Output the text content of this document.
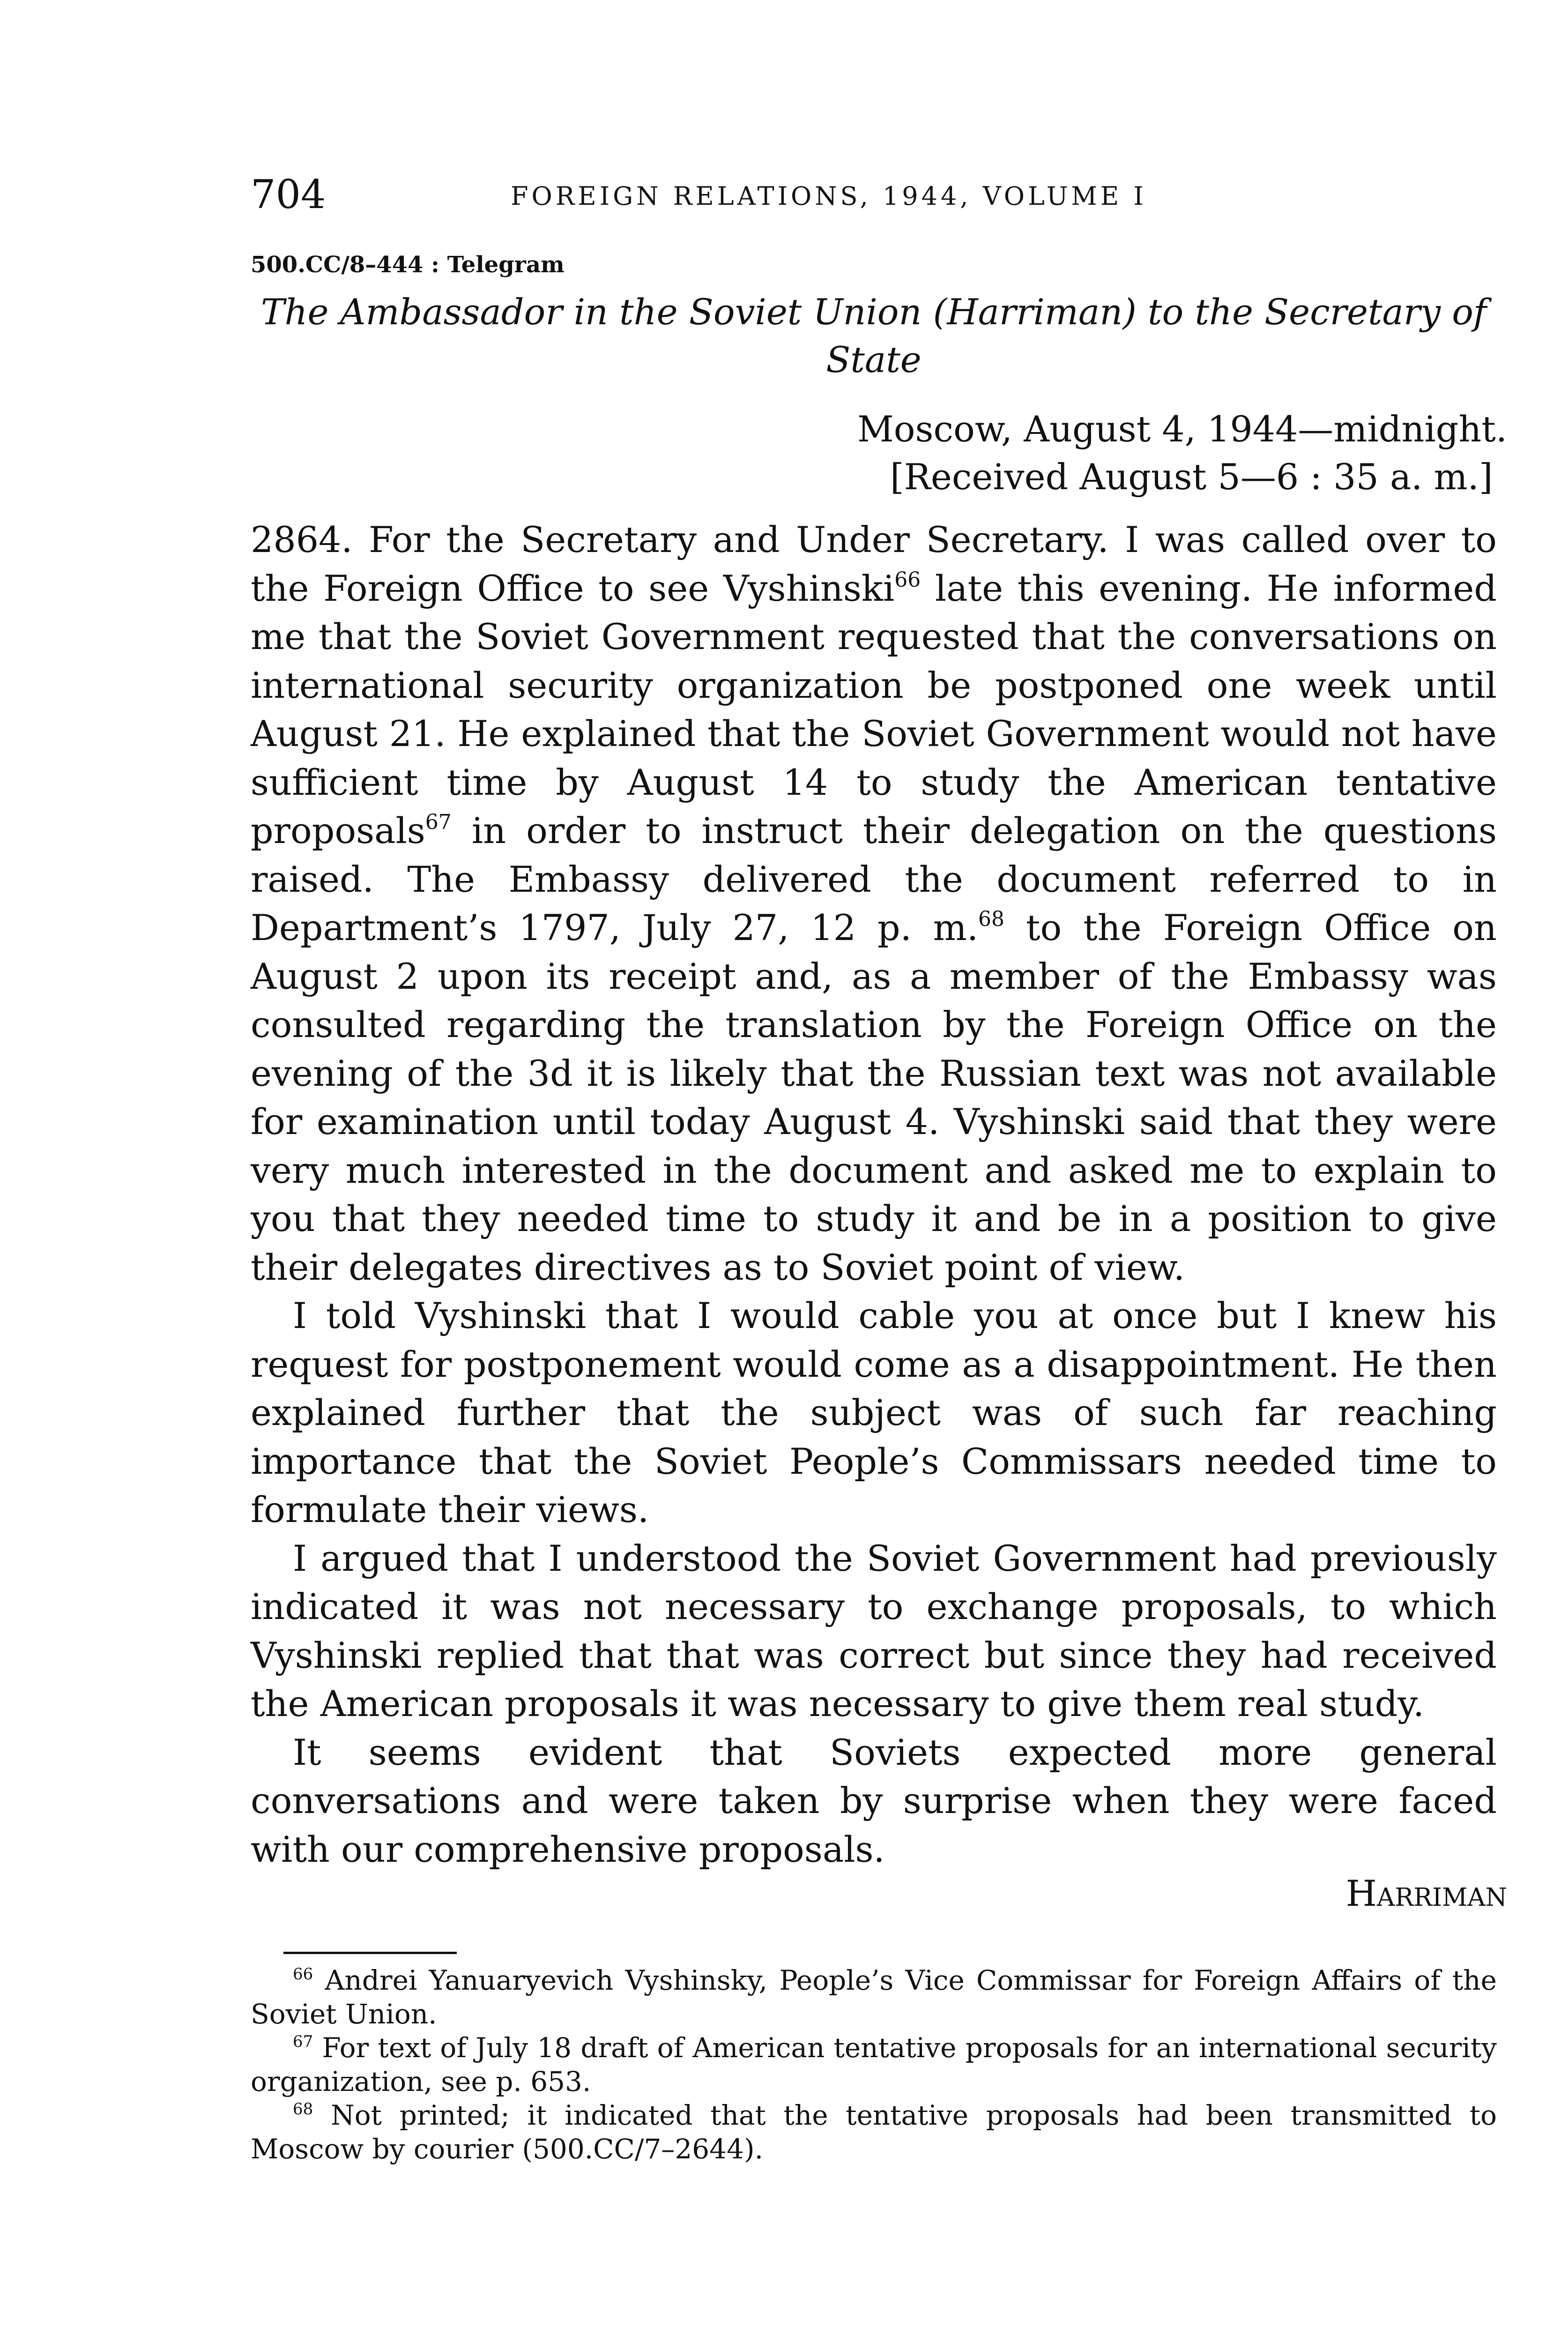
704	FOREIGN RELATIONS, 1944, VOLUME I
500.CC/8–444 : Telegram
The Ambassador in the Soviet Union (Harriman) to the Secretary of State
Moscow, August 4, 1944—midnight.
[Received August 5—6 : 35 a. m.]

2864. For the Secretary and Under Secretary. I was called over to the Foreign Office to see Vyshinski$^{66}$ late this evening. He informed me that the Soviet Government requested that the conversations on international security organization be postponed one week until August 21. He explained that the Soviet Government would not have sufficient time by August 14 to study the American tentative proposals$^{67}$ in order to instruct their delegation on the questions raised. The Embassy delivered the document referred to in Department’s 1797, July 27, 12 p. m.$^{68}$ to the Foreign Office on August 2 upon its receipt and, as a member of the Embassy was consulted regarding the translation by the Foreign Office on the evening of the 3d it is likely that the Russian text was not available for examination until today August 4. Vyshinski said that they were very much interested in the document and asked me to explain to you that they needed time to study it and be in a position to give their delegates directives as to Soviet point of view.

I told Vyshinski that I would cable you at once but I knew his request for postponement would come as a disappointment. He then explained further that the subject was of such far reaching importance that the Soviet People’s Commissars needed time to formulate their views.

I argued that I understood the Soviet Government had previously indicated it was not necessary to exchange proposals, to which Vyshinski replied that that was correct but since they had received the American proposals it was necessary to give them real study.

It seems evident that Soviets expected more general conversations and were taken by surprise when they were faced with our comprehensive proposals.

Harriman

$^{66}$ Andrei Yanuaryevich Vyshinsky, People’s Vice Commissar for Foreign Affairs of the Soviet Union.

$^{67}$ For text of July 18 draft of American tentative proposals for an international security organization, see p. 653.

$^{68}$ Not printed; it indicated that the tentative proposals had been transmitted to Moscow by courier (500.CC/7–2644).
